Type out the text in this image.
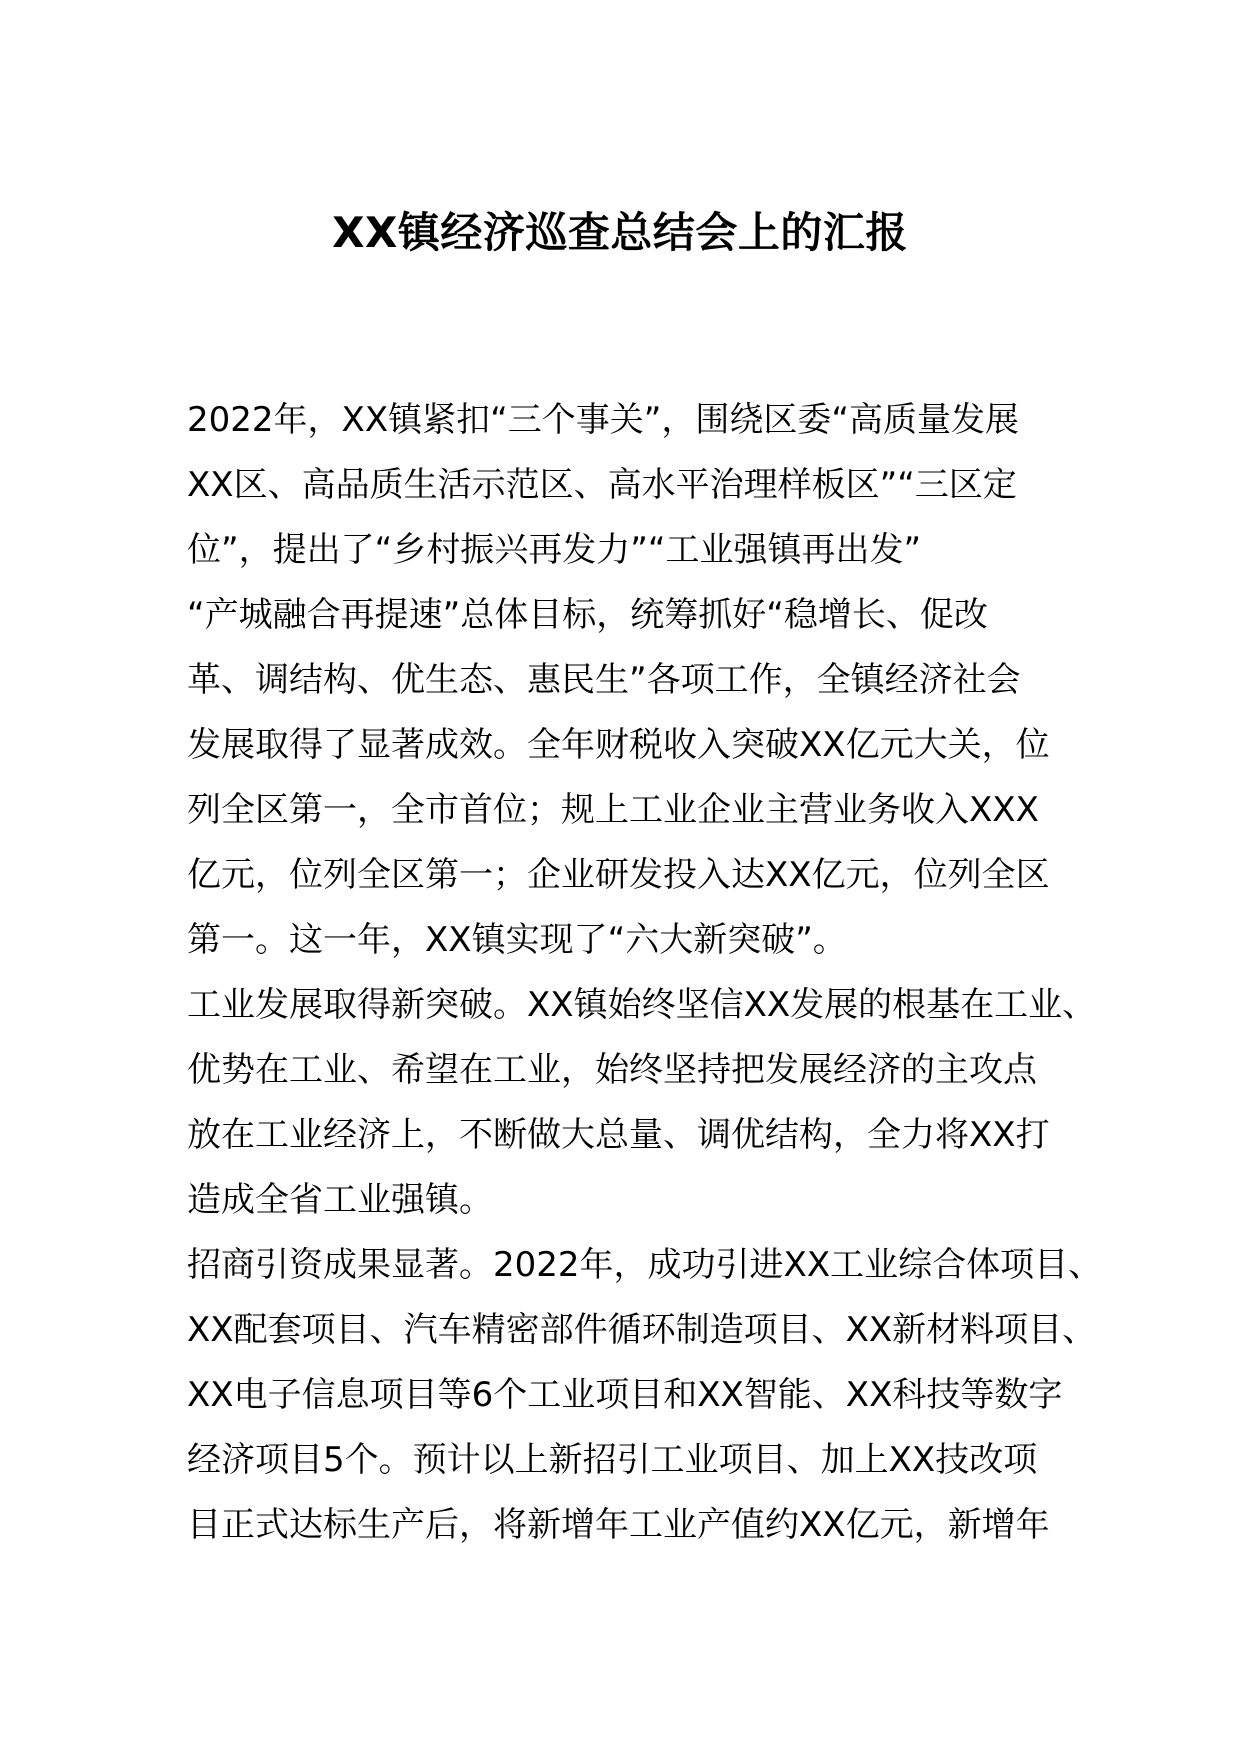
XX镇经济巡查总结会上的汇报

2022年，XX镇紧扣“三个事关”，围绕区委“高质量发展
XX区、高品质生活示范区、高水平治理样板区”“三区定
位”，提出了“乡村振兴再发力”“工业强镇再出发”
“产城融合再提速”总体目标，统筹抓好“稳增长、促改
革、调结构、优生态、惠民生”各项工作，全镇经济社会
发展取得了显著成效。全年财税收入突破XX亿元大关，位
列全区第一，全市首位；规上工业企业主营业务收入XXX
亿元，位列全区第一；企业研发投入达XX亿元，位列全区
第一。这一年，XX镇实现了“六大新突破”。

工业发展取得新突破。XX镇始终坚信XX发展的根基在工业、
优势在工业、希望在工业，始终坚持把发展经济的主攻点
放在工业经济上，不断做大总量、调优结构，全力将XX打
造成全省工业强镇。

招商引资成果显著。2022年，成功引进XX工业综合体项目、
XX配套项目、汽车精密部件循环制造项目、XX新材料项目、
XX电子信息项目等6个工业项目和XX智能、XX科技等数字
经济项目5个。预计以上新招引工业项目、加上XX技改项
目正式达标生产后，将新增年工业产值约XX亿元，新增年
